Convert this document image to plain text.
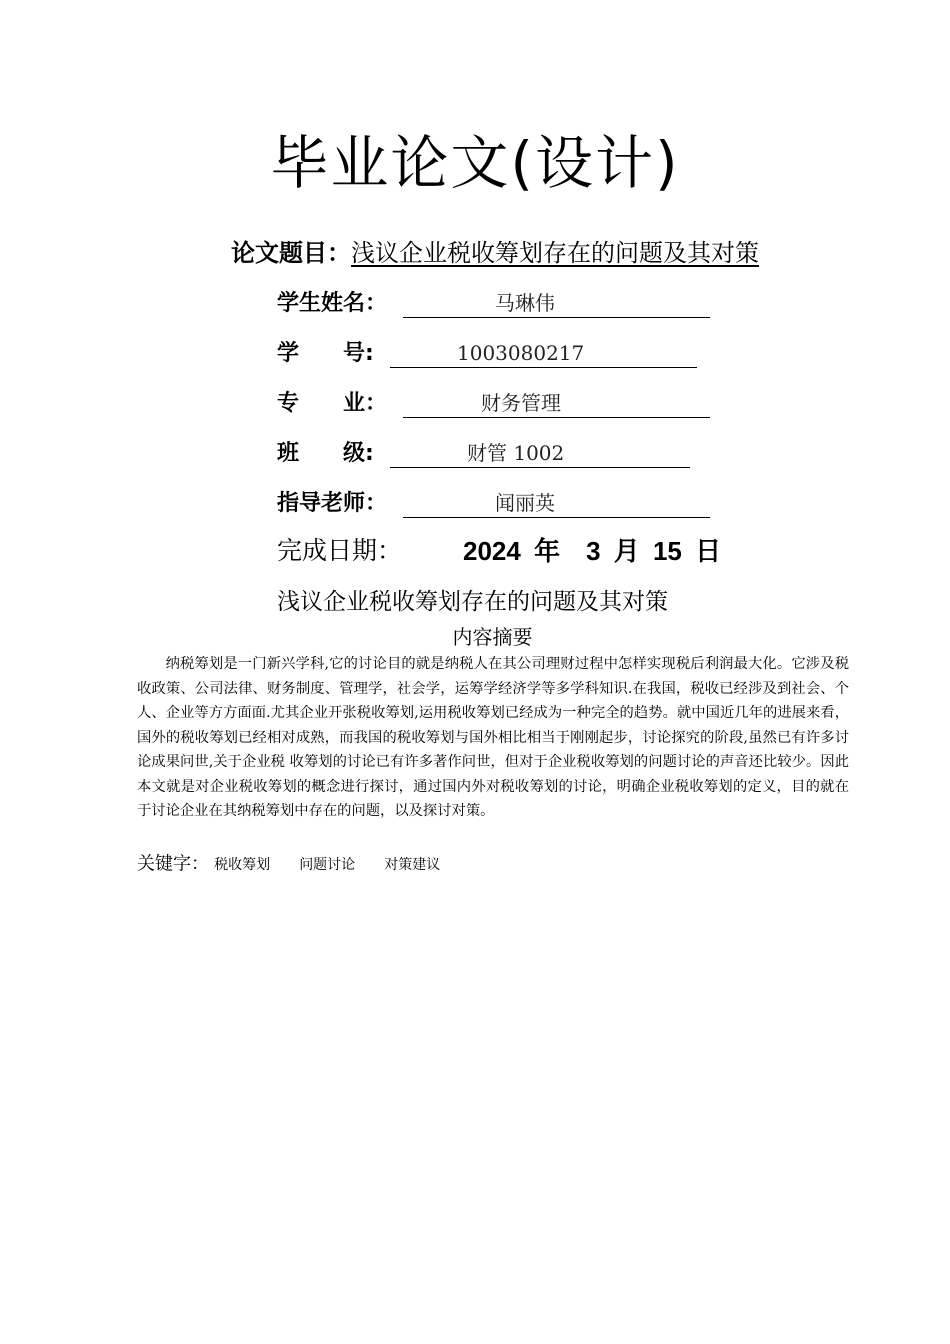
毕业论文(设计)
论文题目：浅议企业税收筹划存在的问题及其对策
学生姓名：	马琳伟
学　　号:	1003080217
专　　业：	财务管理
班　　级:	财管 1002
指导老师：	闻丽英
完成日期： 2024 年　3 月 15 日
浅议企业税收筹划存在的问题及其对策
内容摘要

纳税筹划是一门新兴学科,它的讨论目的就是纳税人在其公司理财过程中怎样实现税后利润最大化。它涉及税收政策、公司法律、财务制度、管理学，社会学，运筹学经济学等多学科知识.在我国，税收已经涉及到社会、个人、企业等方方面面.尤其企业开张税收筹划,运用税收筹划已经成为一种完全的趋势。就中国近几年的进展来看，国外的税收筹划已经相对成熟，而我国的税收筹划与国外相比相当于刚刚起步，讨论探究的阶段,虽然已有许多讨论成果问世,关于企业税 收筹划的讨论已有许多著作问世，但对于企业税收筹划的问题讨论的声音还比较少。因此本文就是对企业税收筹划的概念进行探讨，通过国内外对税收筹划的讨论，明确企业税收筹划的定义，目的就在于讨论企业在其纳税筹划中存在的问题，以及探讨对策。

关键字： 税收筹划 问题讨论 对策建议
